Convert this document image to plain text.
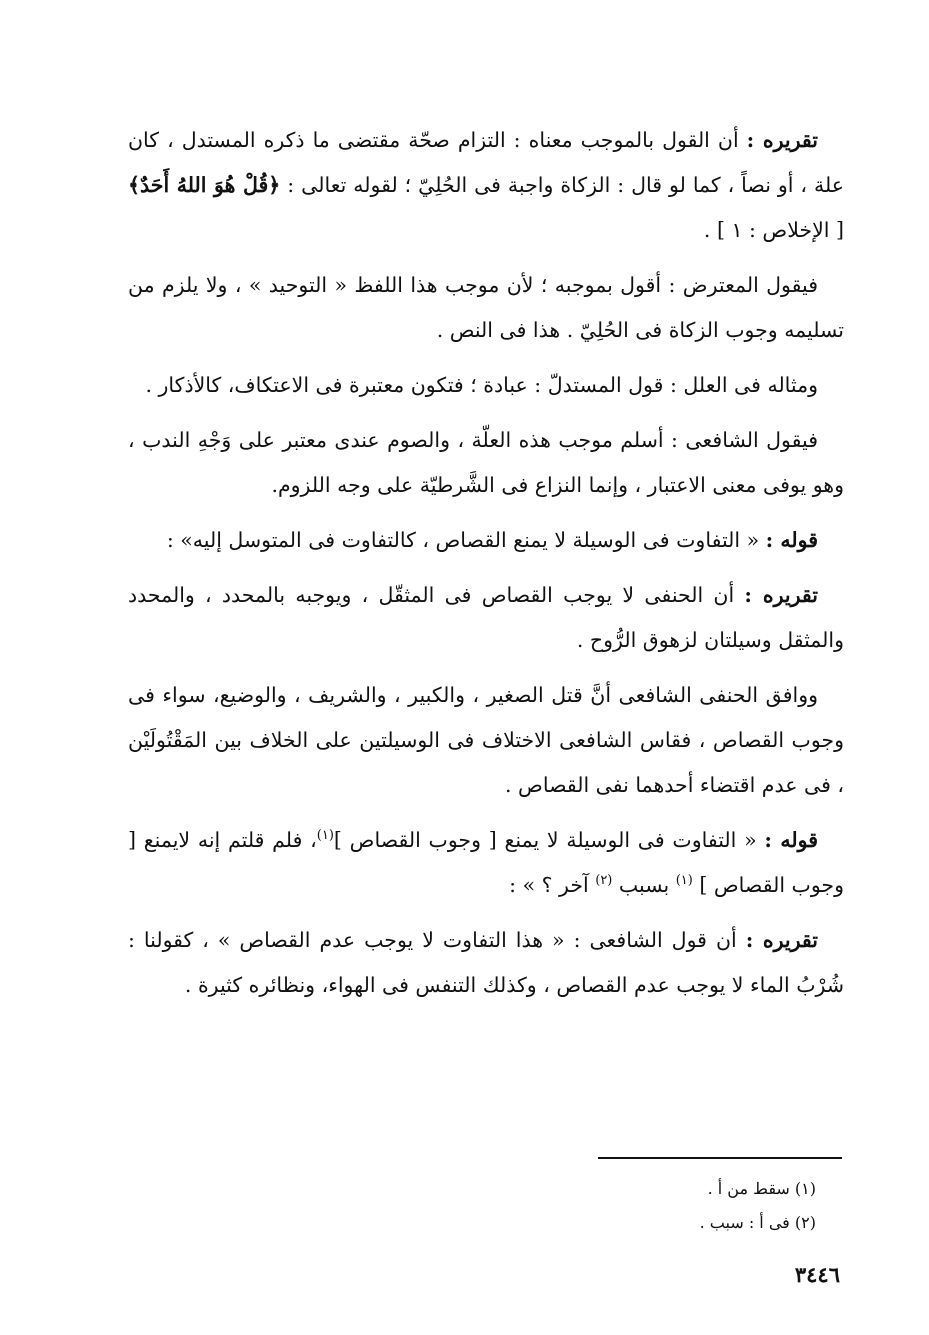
تقريره : أن القول بالموجب معناه : التزام صحّة مقتضى ما ذكره المستدل ، كان علة ، أو نصاً ، كما لو قال : الزكاة واجبة فى الحُلِيّ ؛ لقوله تعالى : ﴿قُلْ هُوَ اللهُ أَحَدٌ﴾ [ الإخلاص : ١ ] .

فيقول المعترض : أقول بموجبه ؛ لأن موجب هذا اللفظ « التوحيد » ، ولا يلزم من تسليمه وجوب الزكاة فى الحُلِيّ . هذا فى النص .

ومثاله فى العلل : قول المستدلّ : عبادة ؛ فتكون معتبرة فى الاعتكاف، كالأذكار .

فيقول الشافعى : أسلم موجب هذه العلّة ، والصوم عندى معتبر على وَجْهِ الندب ، وهو يوفى معنى الاعتبار ، وإنما النزاع فى الشَّرطيّة على وجه اللزوم.

قوله : « التفاوت فى الوسيلة لا يمنع القصاص ، كالتفاوت فى المتوسل إليه» :

تقريره : أن الحنفى لا يوجب القصاص فى المثقّل ، ويوجبه بالمحدد ، والمحدد والمثقل وسيلتان لزهوق الرُّوح .

ووافق الحنفى الشافعى أنَّ قتل الصغير ، والكبير ، والشريف ، والوضيع، سواء فى وجوب القصاص ، فقاس الشافعى الاختلاف فى الوسيلتين على الخلاف بين المَقْتُولَيْن ، فى عدم اقتضاء أحدهما نفى القصاص .

قوله : « التفاوت فى الوسيلة لا يمنع [ وجوب القصاص ]$^{(١)}$، فلم قلتم إنه لايمنع [ وجوب القصاص ] $^{(١)}$ بسبب $^{(٢)}$ آخر ؟ » :

تقريره : أن قول الشافعى : « هذا التفاوت لا يوجب عدم القصاص » ، كقولنا : شُرْبُ الماء لا يوجب عدم القصاص ، وكذلك التنفس فى الهواء، ونظائره كثيرة .

(١) سقط من أ .

(٢) فى أ : سبب .

٣٤٤٦
